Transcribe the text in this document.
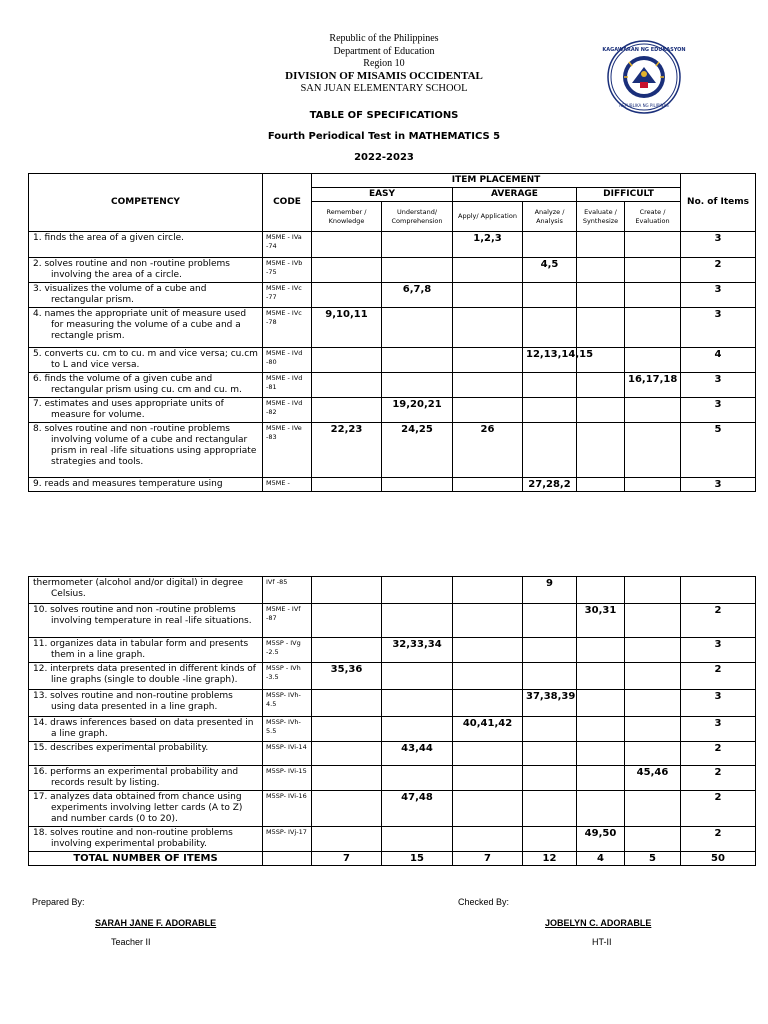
Republic of the Philippines
Department of Education
Region 10
DIVISION OF MISAMIS OCCIDENTAL
SAN JUAN ELEMENTARY SCHOOL
TABLE OF SPECIFICATIONS
Fourth Periodical Test in MATHEMATICS 5
2022-2023
KAGAWARAN NG EDUKASYON
REPUBLIKA NG PILIPINAS
COMPETENCY	CODE	ITEM PLACEMENT						No. of Items
		EASY		AVERAGE		DIFFICULT		
		Remember / Knowledge	Understand/ Comprehension	Apply/ Application	Analyze / Analysis	Evaluate / Synthesize	Create / Evaluation	
1. finds the area of a given circle.	M5ME - IVa -74			1,2,3				3
2. solves routine and non -routine problems involving the area of a circle.	M5ME - IVb -75				4,5			2
3. visualizes the volume of a cube and rectangular prism.	M5ME - IVc -77		6,7,8					3
4. names the appropriate unit of measure used for measuring the volume of a cube and a rectangle prism.	M5ME - IVc -78	9,10,11						3
5. converts cu. cm to cu. m and vice versa; cu.cm to L and vice versa.	M5ME - IVd -80				12,13,14,15			4
6. finds the volume of a given cube and rectangular prism using cu. cm and cu. m.	M5ME - IVd -81						16,17,18	3
7. estimates and uses appropriate units of measure for volume.	M5ME - IVd -82		19,20,21					3
8. solves routine and non -routine problems involving volume of a cube and rectangular prism in real -life situations using appropriate strategies and tools.	M5ME - IVe -83	22,23	24,25	26				5
9. reads and measures temperature using	M5ME -				27,28,2			3
thermometer (alcohol and/or digital) in degree Celsius.	IVf -85				9			
10. solves routine and non -routine problems involving temperature in real -life situations.	M5ME - IVf -87					30,31		2
11. organizes data in tabular form and presents them in a line graph.	M5SP - IVg -2.5		32,33,34					3
12. interprets data presented in different kinds of line graphs (single to double -line graph).	M5SP - IVh -3.5	35,36						2
13. solves routine and non-routine problems using data presented in a line graph.	M5SP- IVh-4.5				37,38,39			3
14. draws inferences based on data presented in a line graph.	M5SP- IVh-5.5			40,41,42				3
15. describes experimental probability.	M5SP- IVi-14		43,44					2
16. performs an experimental probability and records result by listing.	M5SP- IVi-15						45,46	2
17. analyzes data obtained from chance using experiments involving letter cards (A to Z) and number cards (0 to 20).	M5SP- IVi-16		47,48					2
18. solves routine and non-routine problems involving experimental probability.	M5SP- IVj-17					49,50		2
TOTAL NUMBER OF ITEMS		7	15	7	12	4	5	50
Prepared By:	Checked By:
SARAH JANE F. ADORABLE
Teacher II
JOBELYN C. ADORABLE
HT-II
